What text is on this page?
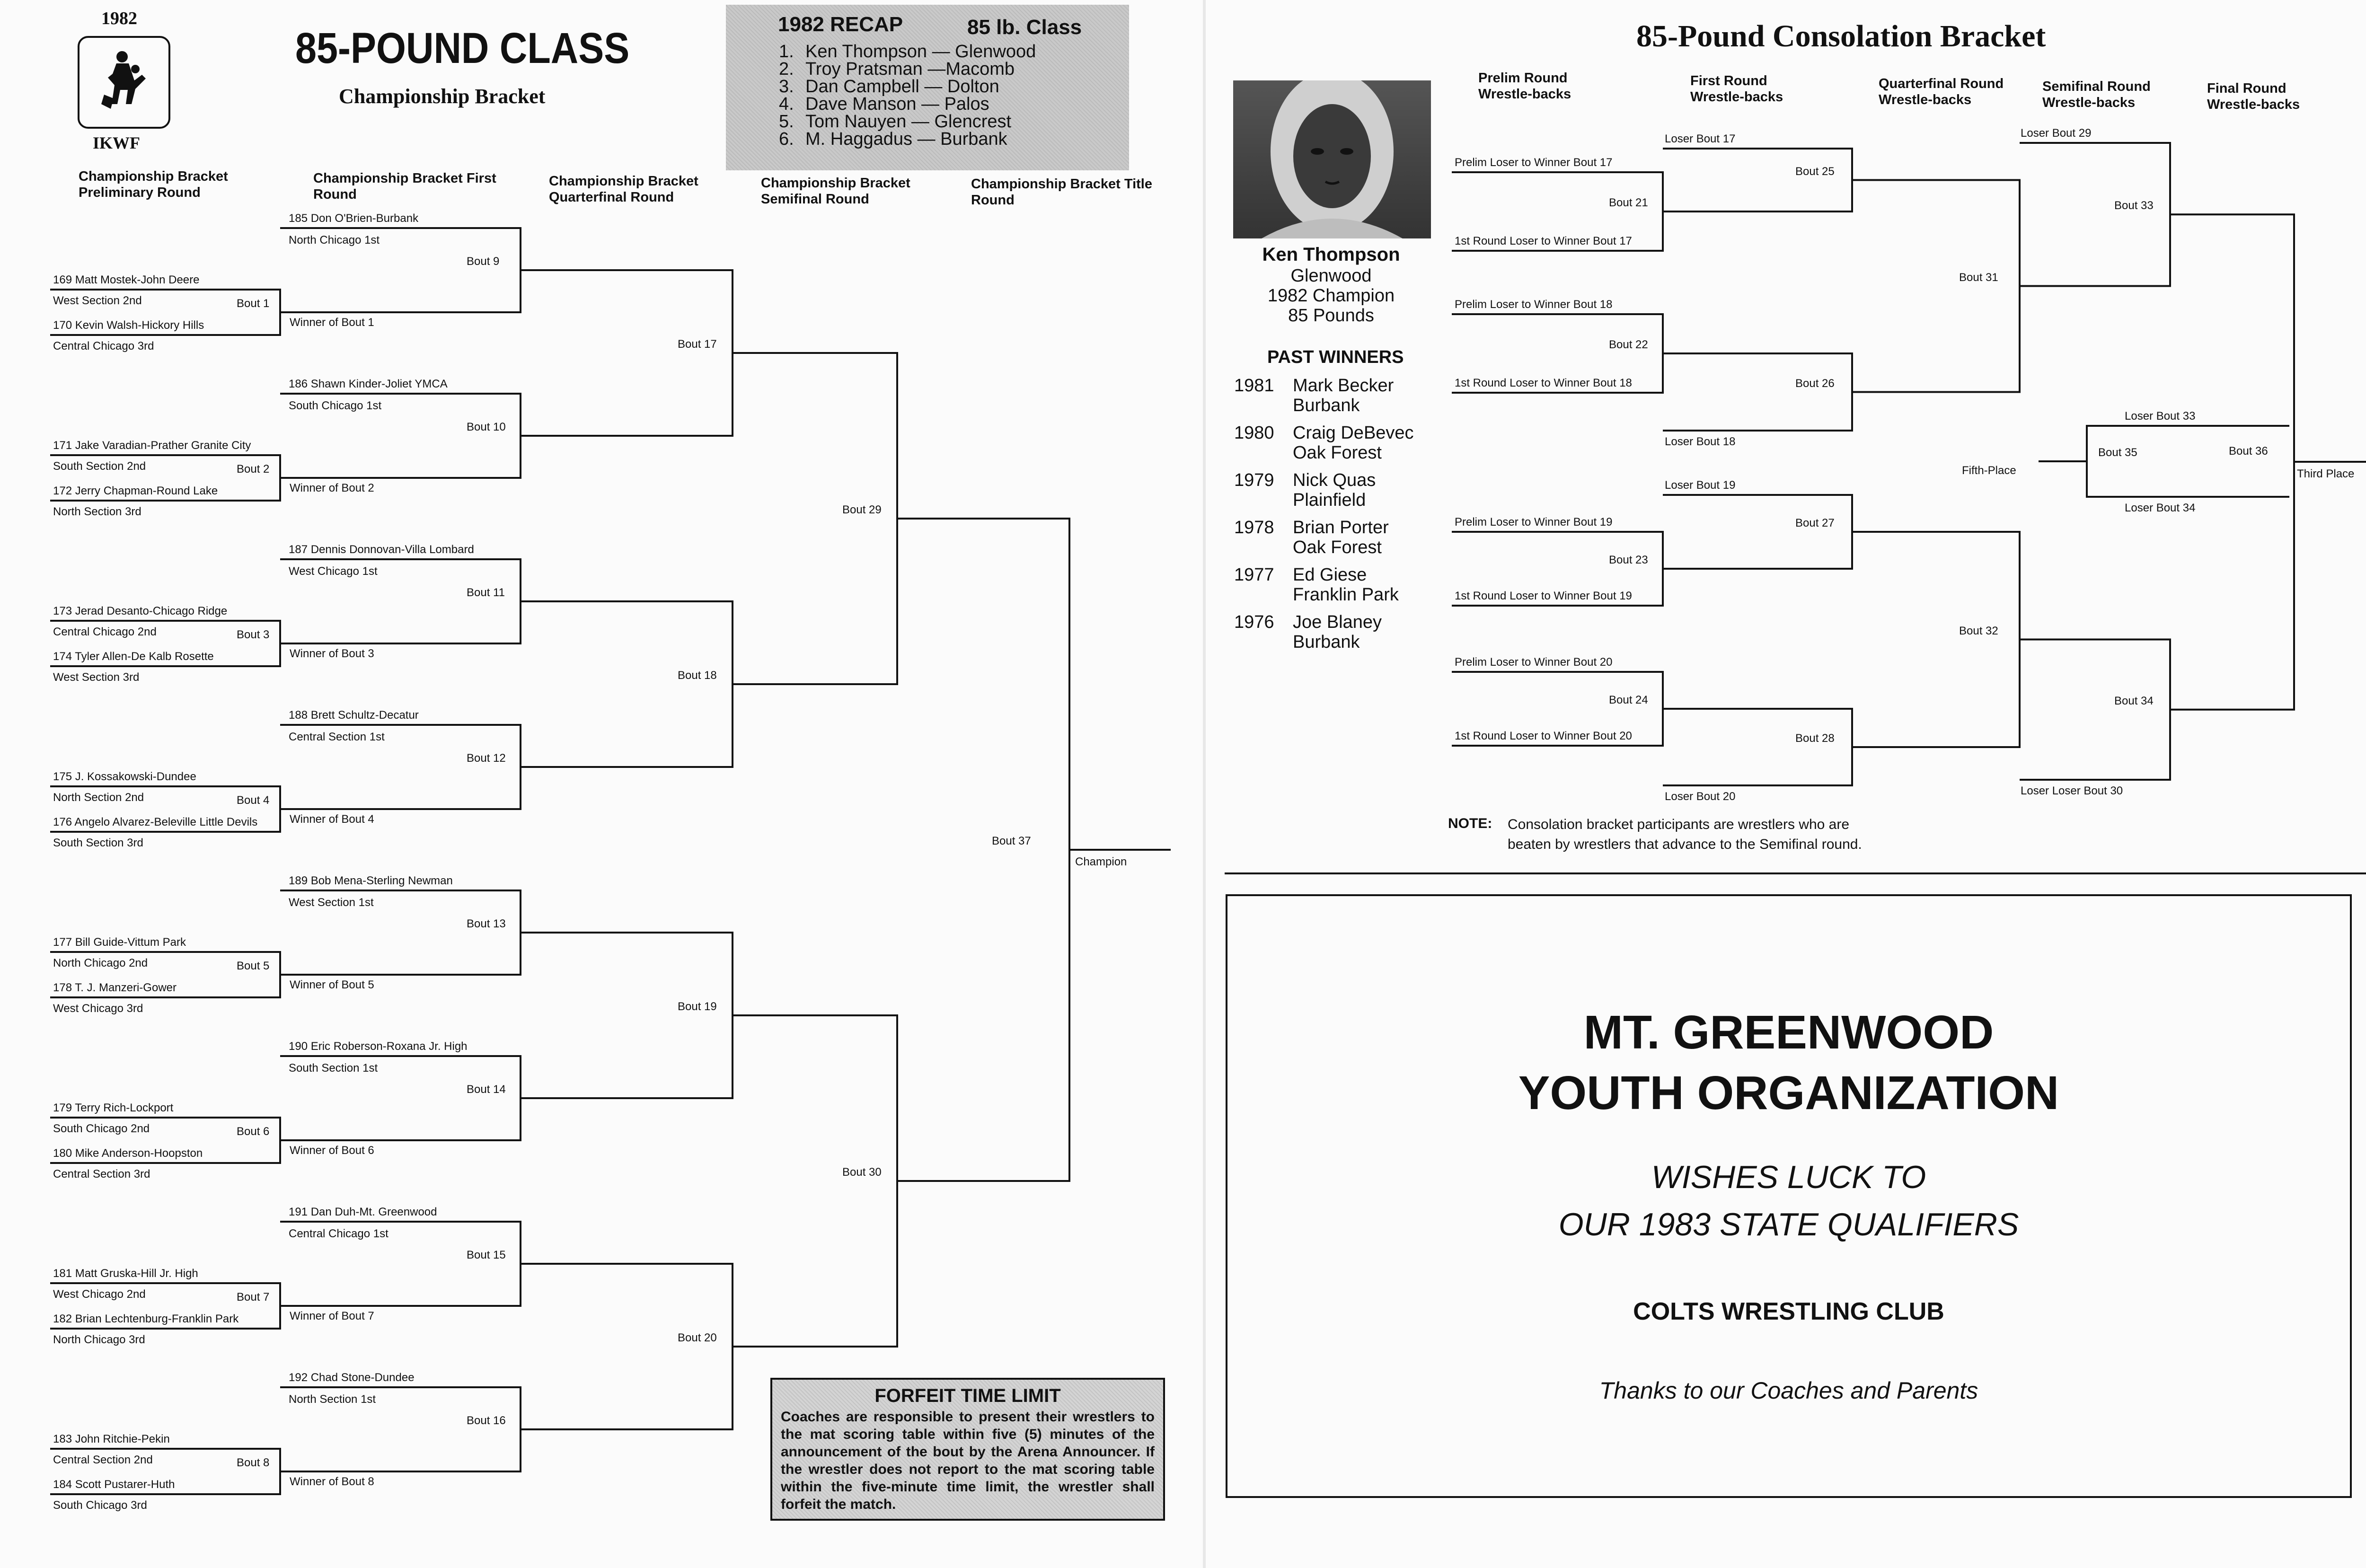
1982
IKWF
85-POUND CLASS
Championship Bracket
1982 RECAP	85 lb. Class
1. Ken Thompson — Glenwood
2. Troy Pratsman —Macomb
3. Dan Campbell — Dolton
4. Dave Manson — Palos
5. Tom Nauyen — Glencrest
6. M. Haggadus — Burbank
Championship Bracket Preliminary Round
Championship Bracket First Round
Championship Bracket Quarterfinal Round
Championship Bracket Semifinal Round
Championship Bracket Title Round
169 Matt Mostek-John Deere
West Section 2nd	Bout 1
170 Kevin Walsh-Hickory Hills
Central Chicago 3rd
Winner of Bout 1
171 Jake Varadian-Prather Granite City
South Section 2nd	Bout 2
172 Jerry Chapman-Round Lake
North Section 3rd
Winner of Bout 2
173 Jerad Desanto-Chicago Ridge
Central Chicago 2nd	Bout 3
174 Tyler Allen-De Kalb Rosette
West Section 3rd
Winner of Bout 3
175 J. Kossakowski-Dundee
North Section 2nd	Bout 4
176 Angelo Alvarez-Beleville Little Devils
South Section 3rd
Winner of Bout 4
177 Bill Guide-Vittum Park
North Chicago 2nd	Bout 5
178 T. J. Manzeri-Gower
West Chicago 3rd
Winner of Bout 5
179 Terry Rich-Lockport
South Chicago 2nd	Bout 6
180 Mike Anderson-Hoopston
Central Section 3rd
Winner of Bout 6
181 Matt Gruska-Hill Jr. High
West Chicago 2nd	Bout 7
182 Brian Lechtenburg-Franklin Park
North Chicago 3rd
Winner of Bout 7
183 John Ritchie-Pekin
Central Section 2nd	Bout 8
184 Scott Pustarer-Huth
South Chicago 3rd
Winner of Bout 8
185 Don O'Brien-Burbank
North Chicago 1st
Bout 9
186 Shawn Kinder-Joliet YMCA
South Chicago 1st
Bout 10
187 Dennis Donnovan-Villa Lombard
West Chicago 1st
Bout 11
188 Brett Schultz-Decatur
Central Section 1st
Bout 12
189 Bob Mena-Sterling Newman
West Section 1st
Bout 13
190 Eric Roberson-Roxana Jr. High
South Section 1st
Bout 14
191 Dan Duh-Mt. Greenwood
Central Chicago 1st
Bout 15
192 Chad Stone-Dundee
North Section 1st
Bout 16
Bout 17
Bout 18
Bout 19
Bout 20
Bout 29
Bout 30
Bout 37
Champion
FORFEIT TIME LIMIT
Coaches are responsible to present their wrestlers to the mat scoring table within five (5) minutes of the announcement of the bout by the Arena Announcer. If the wrestler does not report to the mat scoring table within the five-minute time limit, the wrestler shall forfeit the match.
85-Pound Consolation Bracket
Prelim Round Wrestle-backs
First Round Wrestle-backs
Quarterfinal Round Wrestle-backs
Semifinal Round Wrestle-backs
Final Round Wrestle-backs
Ken Thompson
Glenwood
1982 Champion
85 Pounds
PAST WINNERS
1981 Mark Becker
Burbank
1980 Craig DeBevec
Oak Forest
1979 Nick Quas
Plainfield
1978 Brian Porter
Oak Forest
1977 Ed Giese
Franklin Park
1976 Joe Blaney
Burbank
Prelim Loser to Winner Bout 17
Bout 21
1st Round Loser to Winner Bout 17
Prelim Loser to Winner Bout 18
Bout 22
1st Round Loser to Winner Bout 18
Prelim Loser to Winner Bout 19
Bout 23
1st Round Loser to Winner Bout 19
Prelim Loser to Winner Bout 20
Bout 24
1st Round Loser to Winner Bout 20
Loser Bout 17
Bout 25
Loser Bout 18
Bout 26
Loser Bout 19
Bout 27
Loser Bout 20
Bout 28
Bout 31
Bout 32
Loser Bout 29
Bout 33
Loser Loser Bout 30
Bout 34
Loser Bout 33
Bout 35
Loser Bout 34
Fifth-Place
Bout 36
Third Place
NOTE: Consolation bracket participants are wrestlers who are
beaten by wrestlers that advance to the Semifinal round.
MT. GREENWOOD
YOUTH ORGANIZATION
WISHES LUCK TO
OUR 1983 STATE QUALIFIERS
COLTS WRESTLING CLUB
Thanks to our Coaches and Parents
